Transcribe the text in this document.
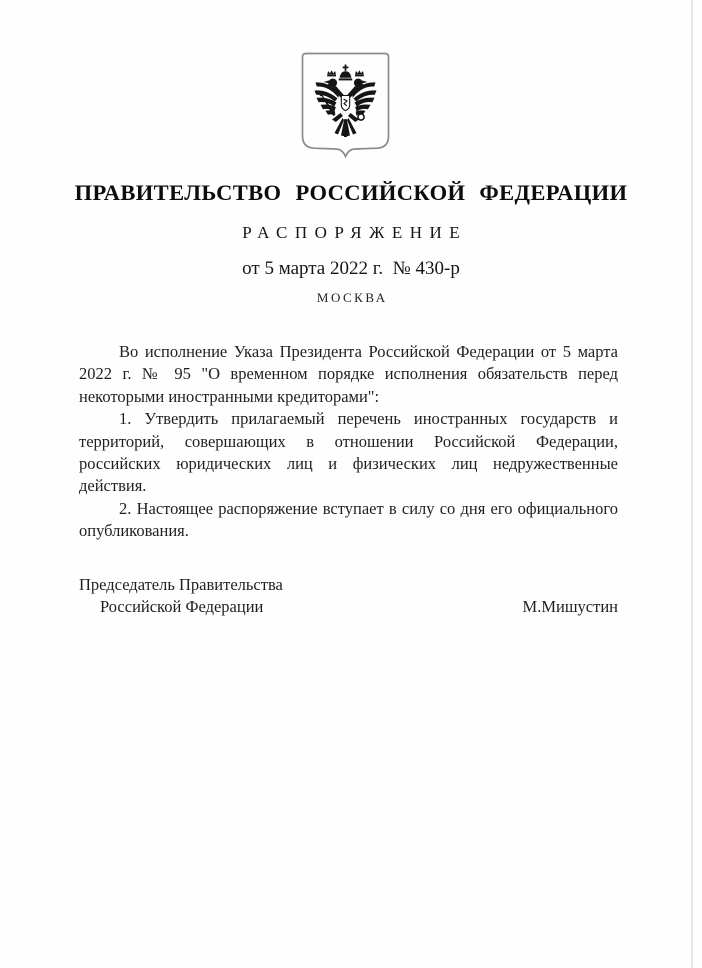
ПРАВИТЕЛЬСТВО РОССИЙСКОЙ ФЕДЕРАЦИИ
РАСПОРЯЖЕНИЕ
от 5 марта 2022 г.  № 430-р
МОСКВА

Во исполнение Указа Президента Российской Федерации от 5 марта 2022 г. № 95 "О временном порядке исполнения обязательств перед некоторыми иностранными кредиторами":

1. Утвердить прилагаемый перечень иностранных государств и территорий, совершающих в отношении Российской Федерации, российских юридических лиц и физических лиц недружественные действия.

2. Настоящее распоряжение вступает в силу со дня его официального опубликования.

Председатель Правительства
Российской Федерации	М.Мишустин
